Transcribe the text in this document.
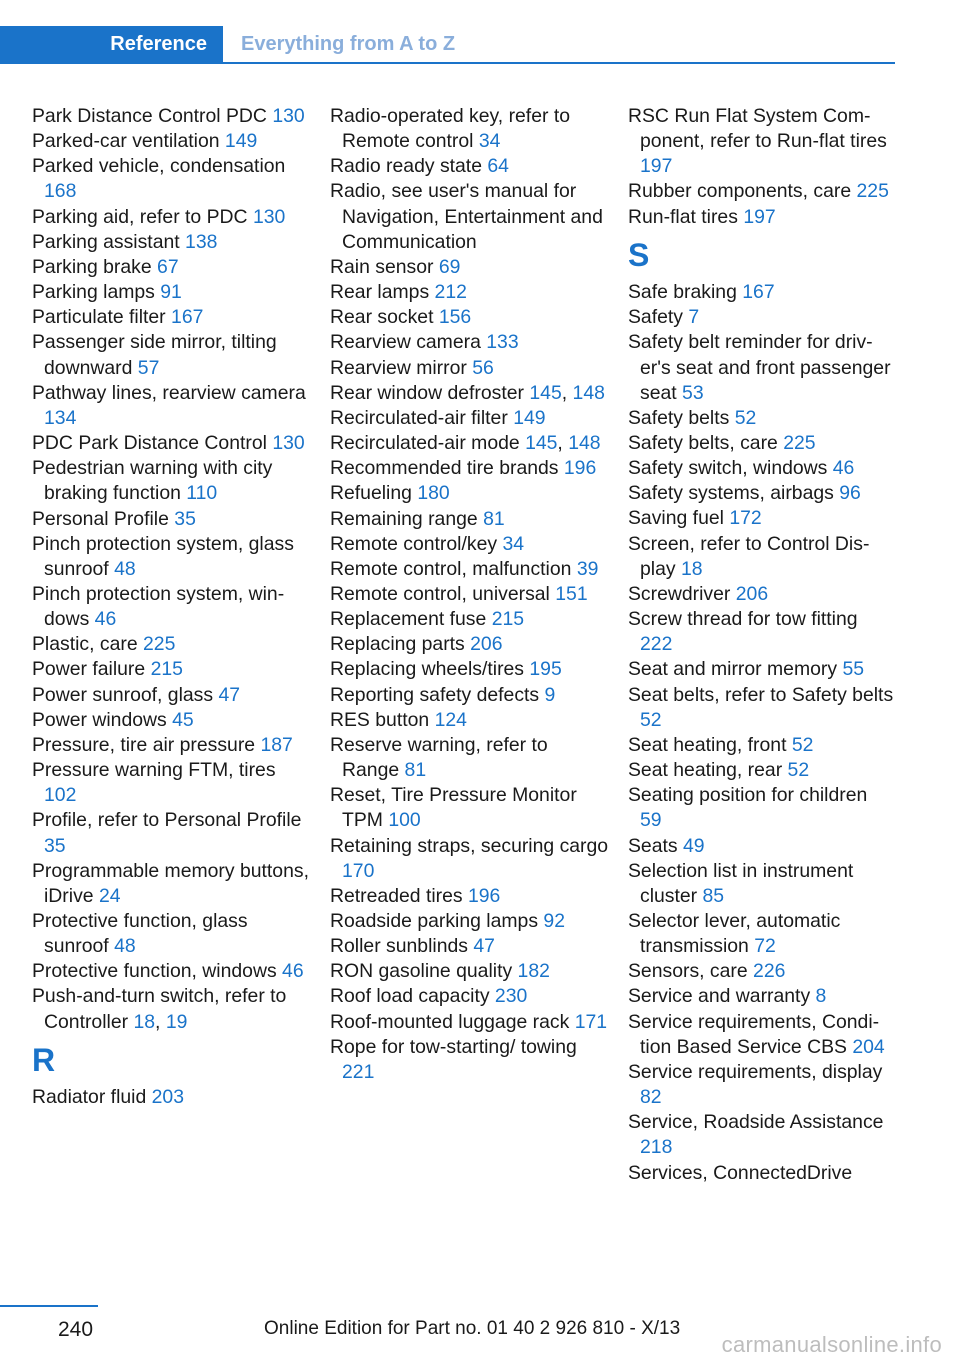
Reference	Everything from A to Z
Park Distance Control PDC 130
Parked-car ventilation 149
Parked vehicle, condensation 168
Parking aid, refer to PDC 130
Parking assistant 138
Parking brake 67
Parking lamps 91
Particulate filter 167
Passenger side mirror, tilting downward 57
Pathway lines, rearview camera 134
PDC Park Distance Control 130
Pedestrian warning with city braking function 110
Personal Profile 35
Pinch protection system, glass sunroof 48
Pinch protection system, windows 46
Plastic, care 225
Power failure 215
Power sunroof, glass 47
Power windows 45
Pressure, tire air pressure 187
Pressure warning FTM, tires 102
Profile, refer to Personal Profile 35
Programmable memory buttons, iDrive 24
Protective function, glass sunroof 48
Protective function, windows 46
Push-and-turn switch, refer to Controller 18, 19
R
Radiator fluid 203
Radio-operated key, refer to Remote control 34
Radio ready state 64
Radio, see user's manual for Navigation, Entertainment and Communication
Rain sensor 69
Rear lamps 212
Rear socket 156
Rearview camera 133
Rearview mirror 56
Rear window defroster 145, 148
Recirculated-air filter 149
Recirculated-air mode 145, 148
Recommended tire brands 196
Refueling 180
Remaining range 81
Remote control/key 34
Remote control, malfunction 39
Remote control, universal 151
Replacement fuse 215
Replacing parts 206
Replacing wheels/tires 195
Reporting safety defects 9
RES button 124
Reserve warning, refer to Range 81
Reset, Tire Pressure Monitor TPM 100
Retaining straps, securing cargo 170
Retreaded tires 196
Roadside parking lamps 92
Roller sunblinds 47
RON gasoline quality 182
Roof load capacity 230
Roof-mounted luggage rack 171
Rope for tow-starting/ towing 221
RSC Run Flat System Component, refer to Run-flat tires 197
Rubber components, care 225
Run-flat tires 197
S
Safe braking 167
Safety 7
Safety belt reminder for driver's seat and front passenger seat 53
Safety belts 52
Safety belts, care 225
Safety switch, windows 46
Safety systems, airbags 96
Saving fuel 172
Screen, refer to Control Display 18
Screwdriver 206
Screw thread for tow fitting 222
Seat and mirror memory 55
Seat belts, refer to Safety belts 52
Seat heating, front 52
Seat heating, rear 52
Seating position for children 59
Seats 49
Selection list in instrument cluster 85
Selector lever, automatic transmission 72
Sensors, care 226
Service and warranty 8
Service requirements, Condition Based Service CBS 204
Service requirements, display 82
Service, Roadside Assistance 218
Services, ConnectedDrive
240	Online Edition for Part no. 01 40 2 926 810 - X/13
carmanualsonline.info
